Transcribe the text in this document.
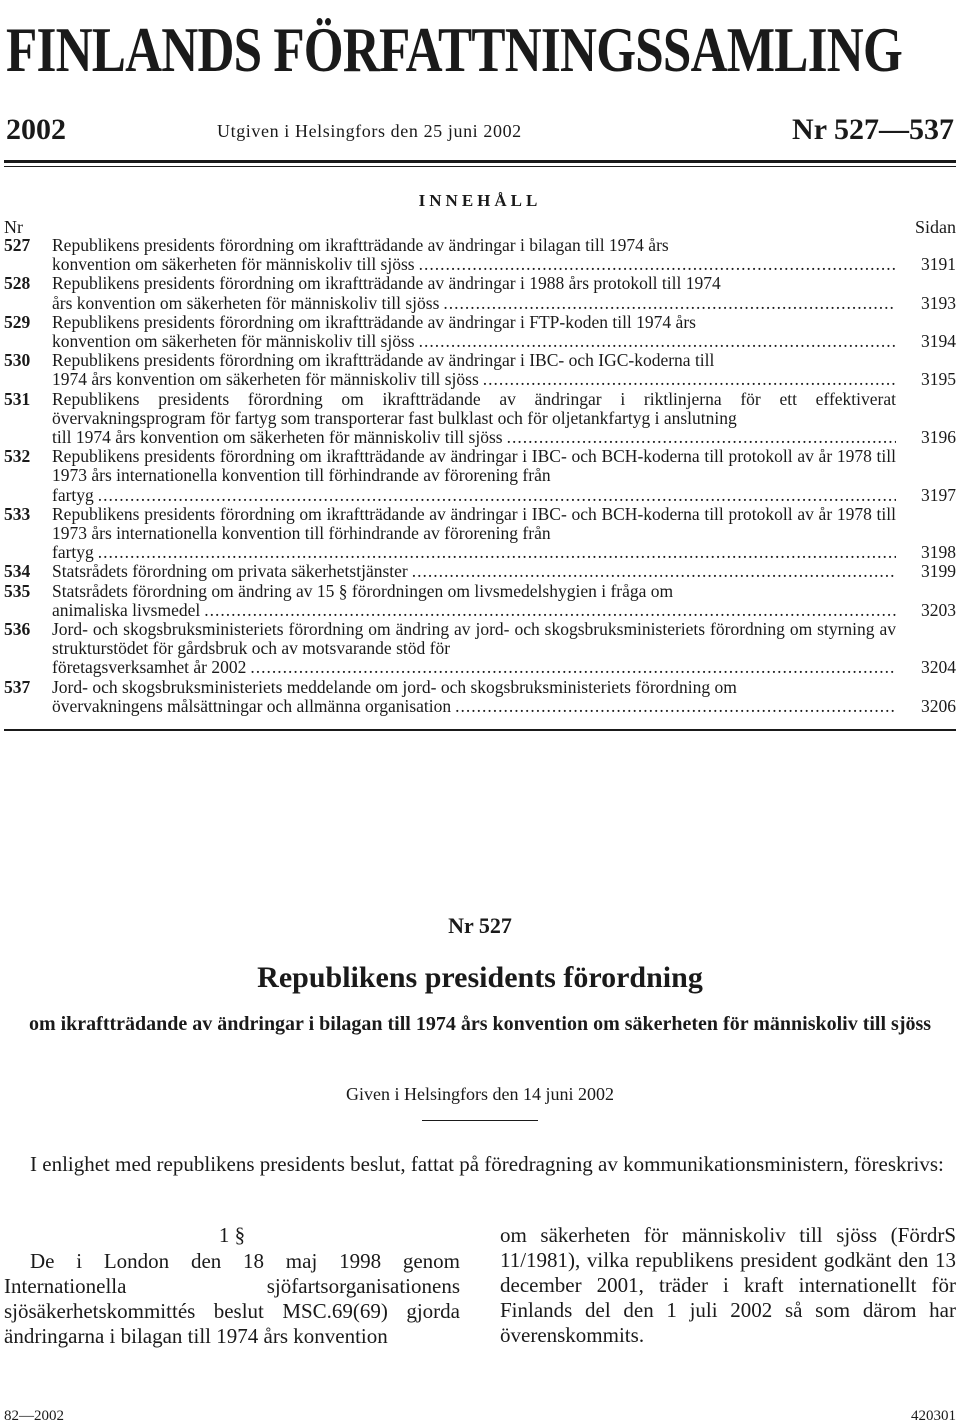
FINLANDS FÖRFATTNINGSSAMLING
2002	Utgiven i Helsingfors den 25 juni 2002	Nr 527—537
INNEHÅLL
Nr	Sidan
527	Republikens presidents förordning om ikraftträdande av ändringar i bilagan till 1974 års
konvention om säkerheten för människoliv till sjöss .....	3191
528	Republikens presidents förordning om ikraftträdande av ändringar i 1988 års protokoll till 1974
års konvention om säkerheten för människoliv till sjöss .....	3193
529	Republikens presidents förordning om ikraftträdande av ändringar i FTP-koden till 1974 års
konvention om säkerheten för människoliv till sjöss .....	3194
530	Republikens presidents förordning om ikraftträdande av ändringar i IBC- och IGC-koderna till
1974 års konvention om säkerheten för människoliv till sjöss .....	3195
531	Republikens presidents förordning om ikraftträdande av ändringar i riktlinjerna för ett effektiverat övervakningsprogram för fartyg som transporterar fast bulklast och för oljetankfartyg i anslutning
till 1974 års konvention om säkerheten för människoliv till sjöss .....	3196
532	Republikens presidents förordning om ikraftträdande av ändringar i IBC- och BCH-koderna till protokoll av år 1978 till 1973 års internationella konvention till förhindrande av förorening från
fartyg .....	3197
533	Republikens presidents förordning om ikraftträdande av ändringar i IBC- och BCH-koderna till protokoll av år 1978 till 1973 års internationella konvention till förhindrande av förorening från
fartyg .....	3198
534	Statsrådets förordning om privata säkerhetstjänster .....	3199
535	Statsrådets förordning om ändring av 15 § förordningen om livsmedelshygien i fråga om
animaliska livsmedel .....	3203
536	Jord- och skogsbruksministeriets förordning om ändring av jord- och skogsbruksministeriets förordning om styrning av strukturstödet för gårdsbruk och av motsvarande stöd för
företagsverksamhet år 2002 .....	3204
537	Jord- och skogsbruksministeriets meddelande om jord- och skogsbruksministeriets förordning om
övervakningens målsättningar och allmänna organisation .....	3206
Nr 527
Republikens presidents förordning
om ikraftträdande av ändringar i bilagan till 1974 års konvention om säkerheten för människoliv till sjöss
Given i Helsingfors den 14 juni 2002
I enlighet med republikens presidents beslut, fattat på föredragning av kommunikationsministern, föreskrivs:
1 §
De i London den 18 maj 1998 genom Internationella sjöfartsorganisationens sjösäkerhetskommittés beslut MSC.69(69) gjorda ändringarna i bilagan till 1974 års konvention
om säkerheten för människoliv till sjöss (FördrS 11/1981), vilka republikens president godkänt den 13 december 2001, träder i kraft internationellt för Finlands del den 1 juli 2002 så som därom har överenskommits.
82—2002	420301
